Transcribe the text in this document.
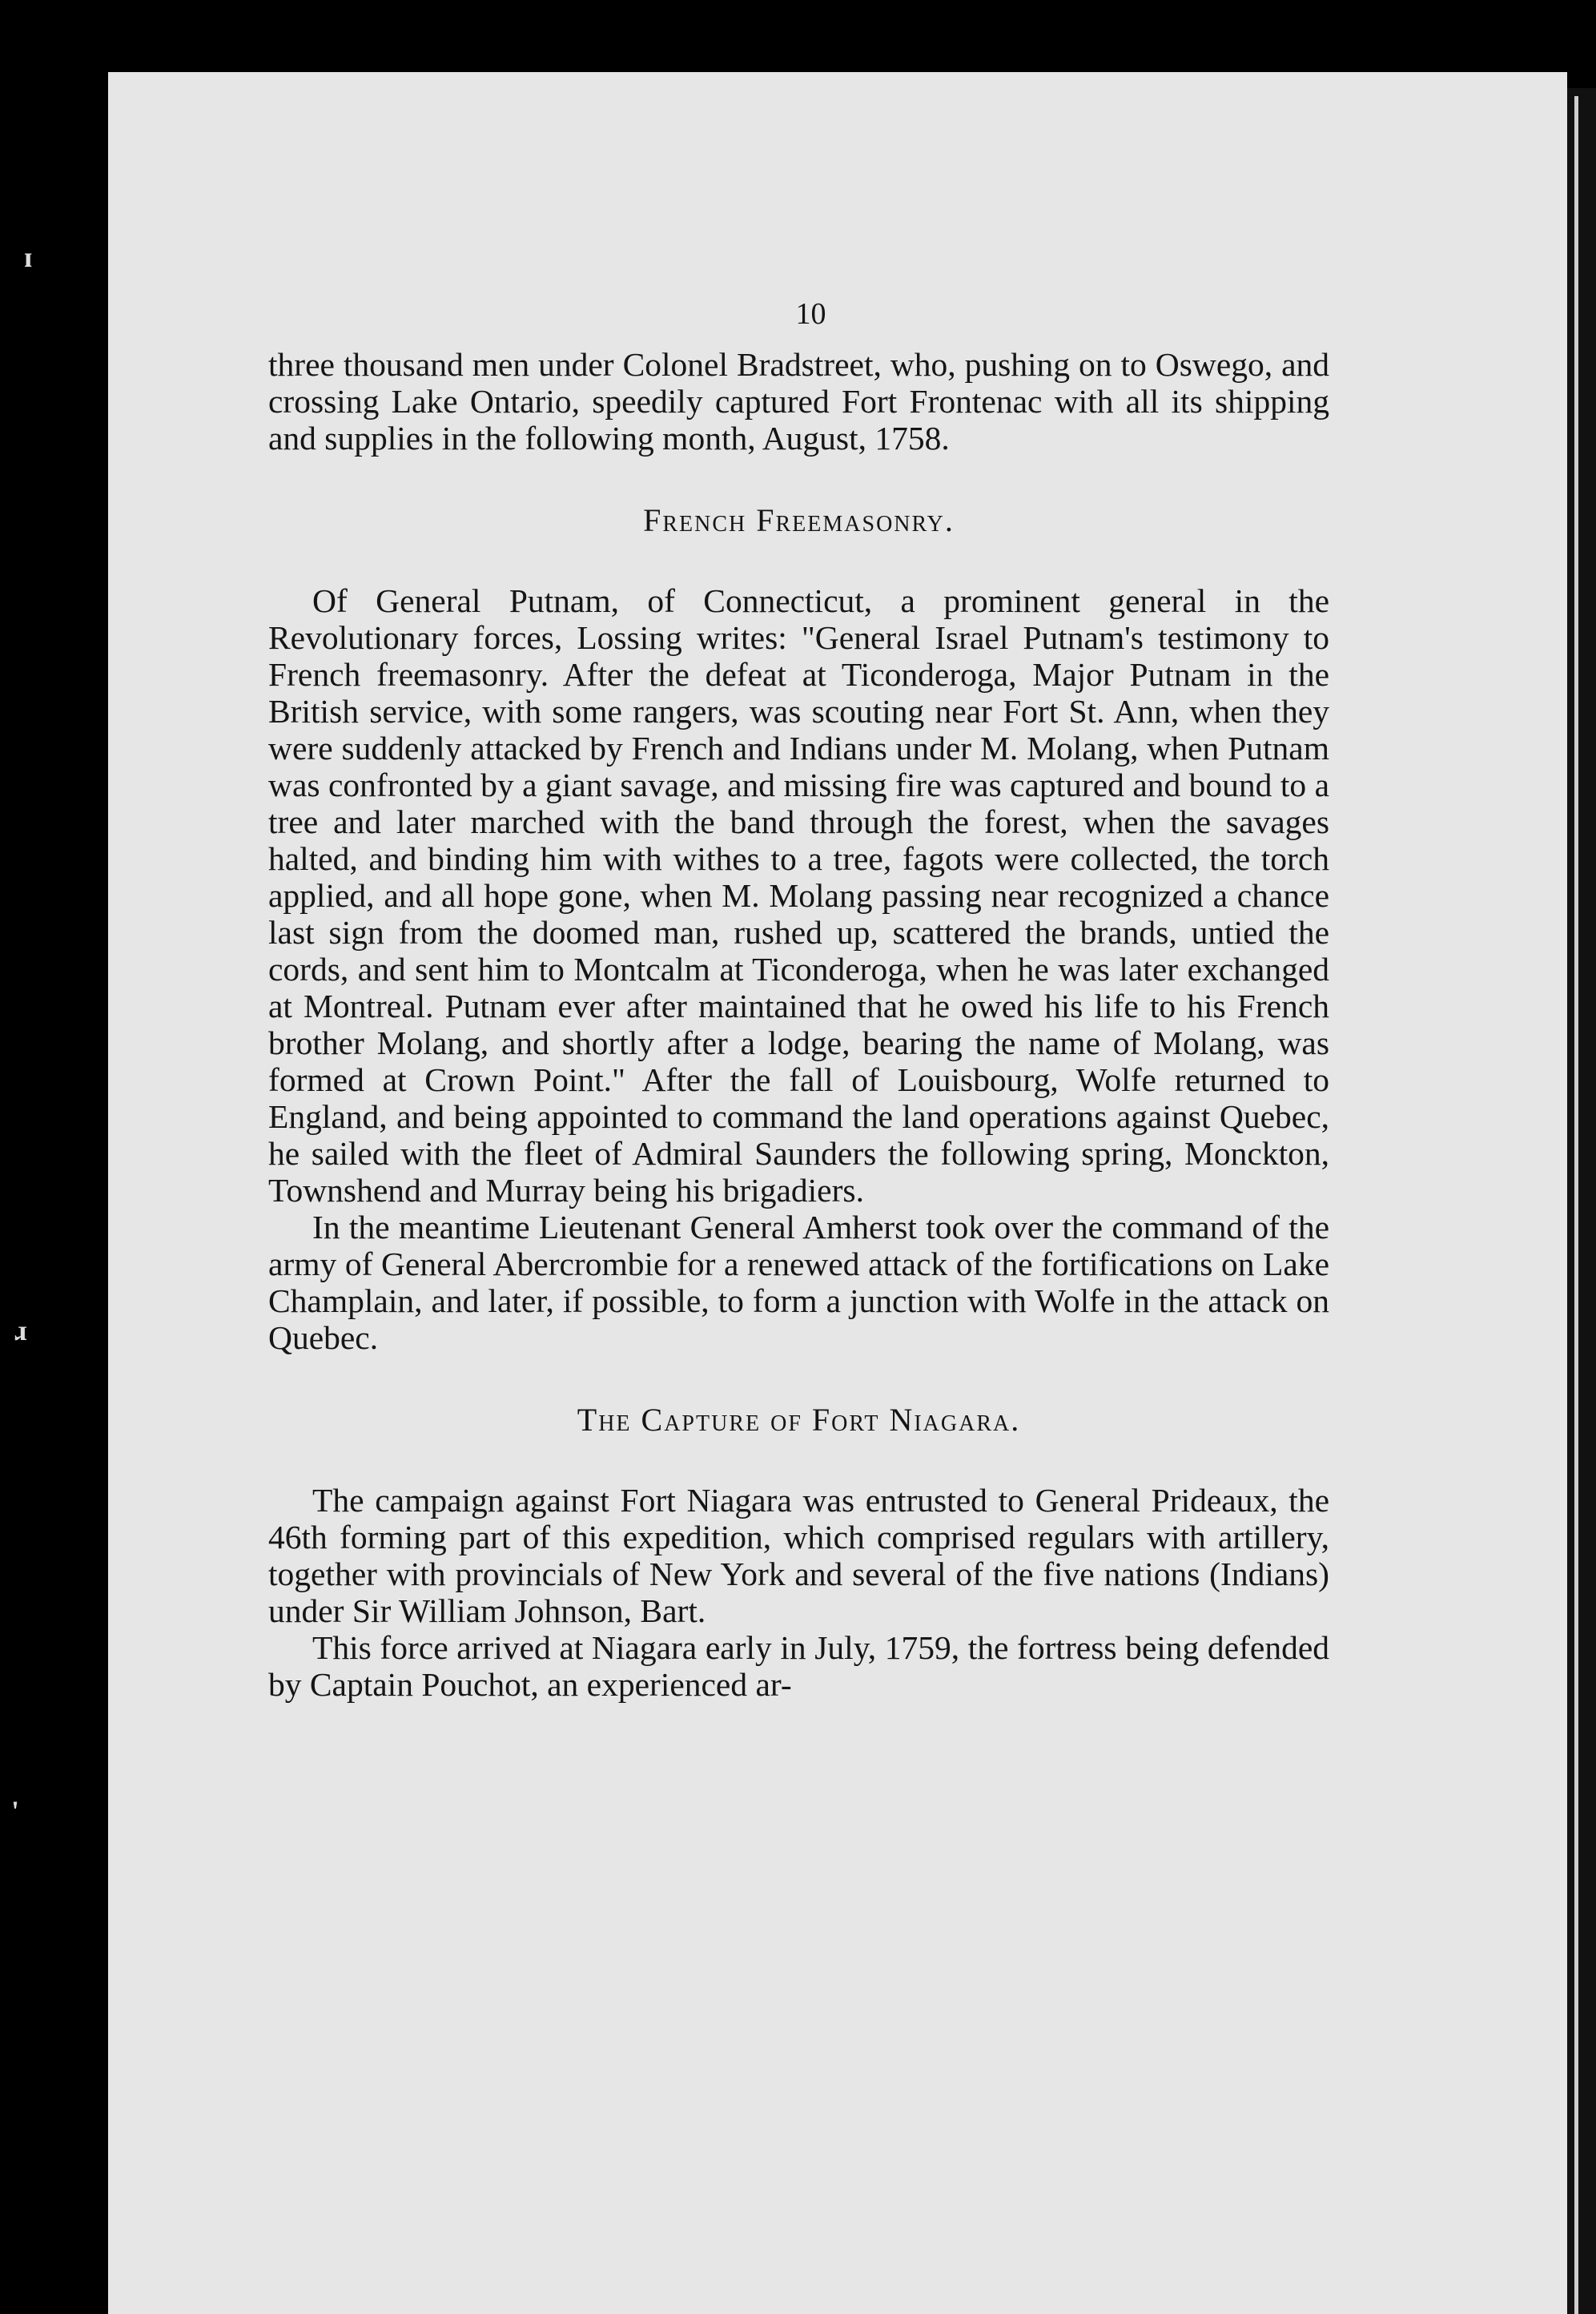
ɪ
ɹ
'
10

three thousand men under Colonel Bradstreet, who, pushing on to Oswego, and crossing Lake Ontario, speedily captured Fort Frontenac with all its shipping and supplies in the following month, August, 1758.

French Freemasonry.

Of General Putnam, of Connecticut, a prominent general in the Revolutionary forces, Lossing writes: "General Israel Putnam's testimony to French freemasonry. After the defeat at Ticonderoga, Major Putnam in the British service, with some rangers, was scouting near Fort St. Ann, when they were suddenly attacked by French and Indians under M. Molang, when Putnam was confronted by a giant savage, and missing fire was captured and bound to a tree and later marched with the band through the forest, when the savages halted, and binding him with withes to a tree, fagots were collected, the torch applied, and all hope gone, when M. Molang passing near recognized a chance last sign from the doomed man, rushed up, scattered the brands, untied the cords, and sent him to Montcalm at Ticonderoga, when he was later exchanged at Montreal. Putnam ever after maintained that he owed his life to his French brother Molang, and shortly after a lodge, bearing the name of Molang, was formed at Crown Point." After the fall of Louisbourg, Wolfe returned to England, and being appointed to command the land operations against Quebec, he sailed with the fleet of Admiral Saunders the following spring, Monckton, Townshend and Murray being his brigadiers.

In the meantime Lieutenant General Amherst took over the command of the army of General Abercrombie for a renewed attack of the fortifications on Lake Champlain, and later, if possible, to form a junction with Wolfe in the attack on Quebec.

The Capture of Fort Niagara.

The campaign against Fort Niagara was entrusted to General Prideaux, the 46th forming part of this expedition, which comprised regulars with artillery, together with provincials of New York and several of the five nations (Indians) under Sir William Johnson, Bart.

This force arrived at Niagara early in July, 1759, the fortress being defended by Captain Pouchot, an experienced ar-
